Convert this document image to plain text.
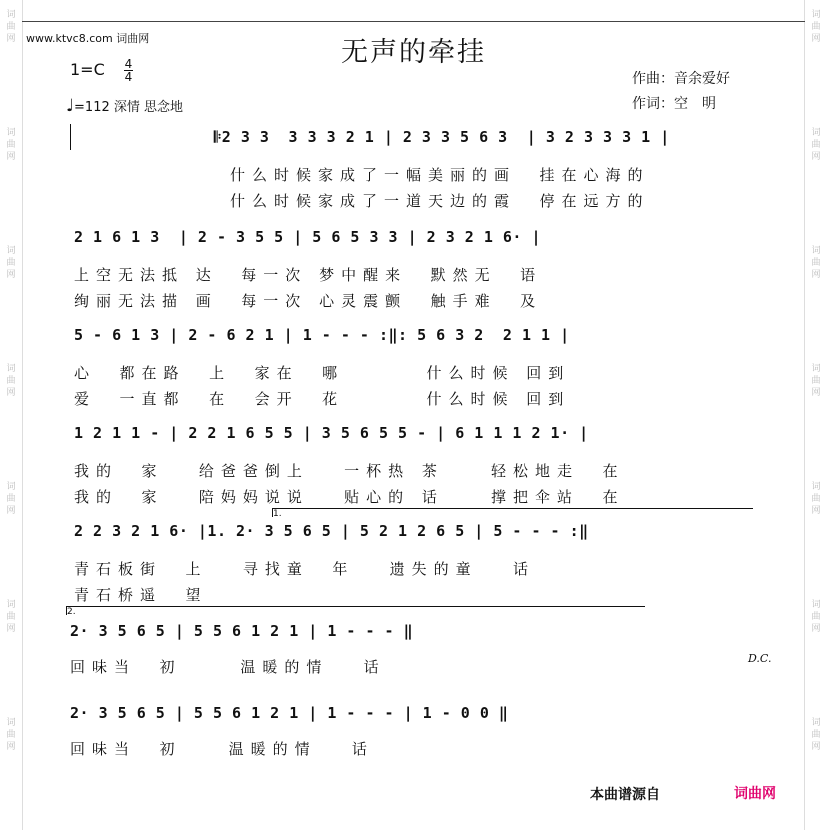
www.ktvc8.com 词曲网	无声的牵挂
1=C 4
4
♩=112 深情 思念地
作曲：音余爱好
作词：空　明
𝄆2 3 3  3 3 3 2 1 | 2 3 3 5 6 3  | 3 2 3 3 3 1 |
什么时候家成了一幅美丽的画  挂在心海的
什么时候家成了一道天边的霞  停在远方的
2 1 6 1 3  | 2 - 3 5 5 | 5 6 5 3 3 | 2 3 2 1 6· |
上空无法抵 达  每一次 梦中醒来  默然无  语
绚丽无法描 画  每一次 心灵震颤  触手难  及
5 - 6 1 3 | 2 - 6 2 1 | 1 - - - :‖: 5 6 3 2  2 1 1 |
心  都在路  上  家在  哪       什么时候 回到
爱  一直都  在  会开  花       什么时候 回到
1 2 1 1 - | 2 2 1 6 5 5 | 3 5 6 5 5 - | 6 1 1 1 2 1· |
我的  家   给爸爸倒上   一杯热 茶    轻松地走  在
我的  家   陪妈妈说说   贴心的 话    撑把伞站  在
1.
2 2 3 2 1 6· |1. 2· 3 5 6 5 | 5 2 1 2 6 5 | 5 - - - :‖
青石板街  上   寻找童  年   遗失的童   话
青石桥遥  望
2.
2· 3 5 6 5 | 5 5 6 1 2 1 | 1 - - - ‖
D.C.
回味当  初     温暖的情   话
2· 3 5 6 5 | 5 5 6 1 2 1 | 1 - - - | 1 - 0 0 ‖
回味当  初    温暖的情   话
本曲谱源自	词曲网
词
曲
网
词
曲
网
词
曲
网
词
曲
网
词
曲
网
词
曲
网
词
曲
网
词
曲
网
词
曲
网
词
曲
网
词
曲
网
词
曲
网
词
曲
网
词
曲
网
